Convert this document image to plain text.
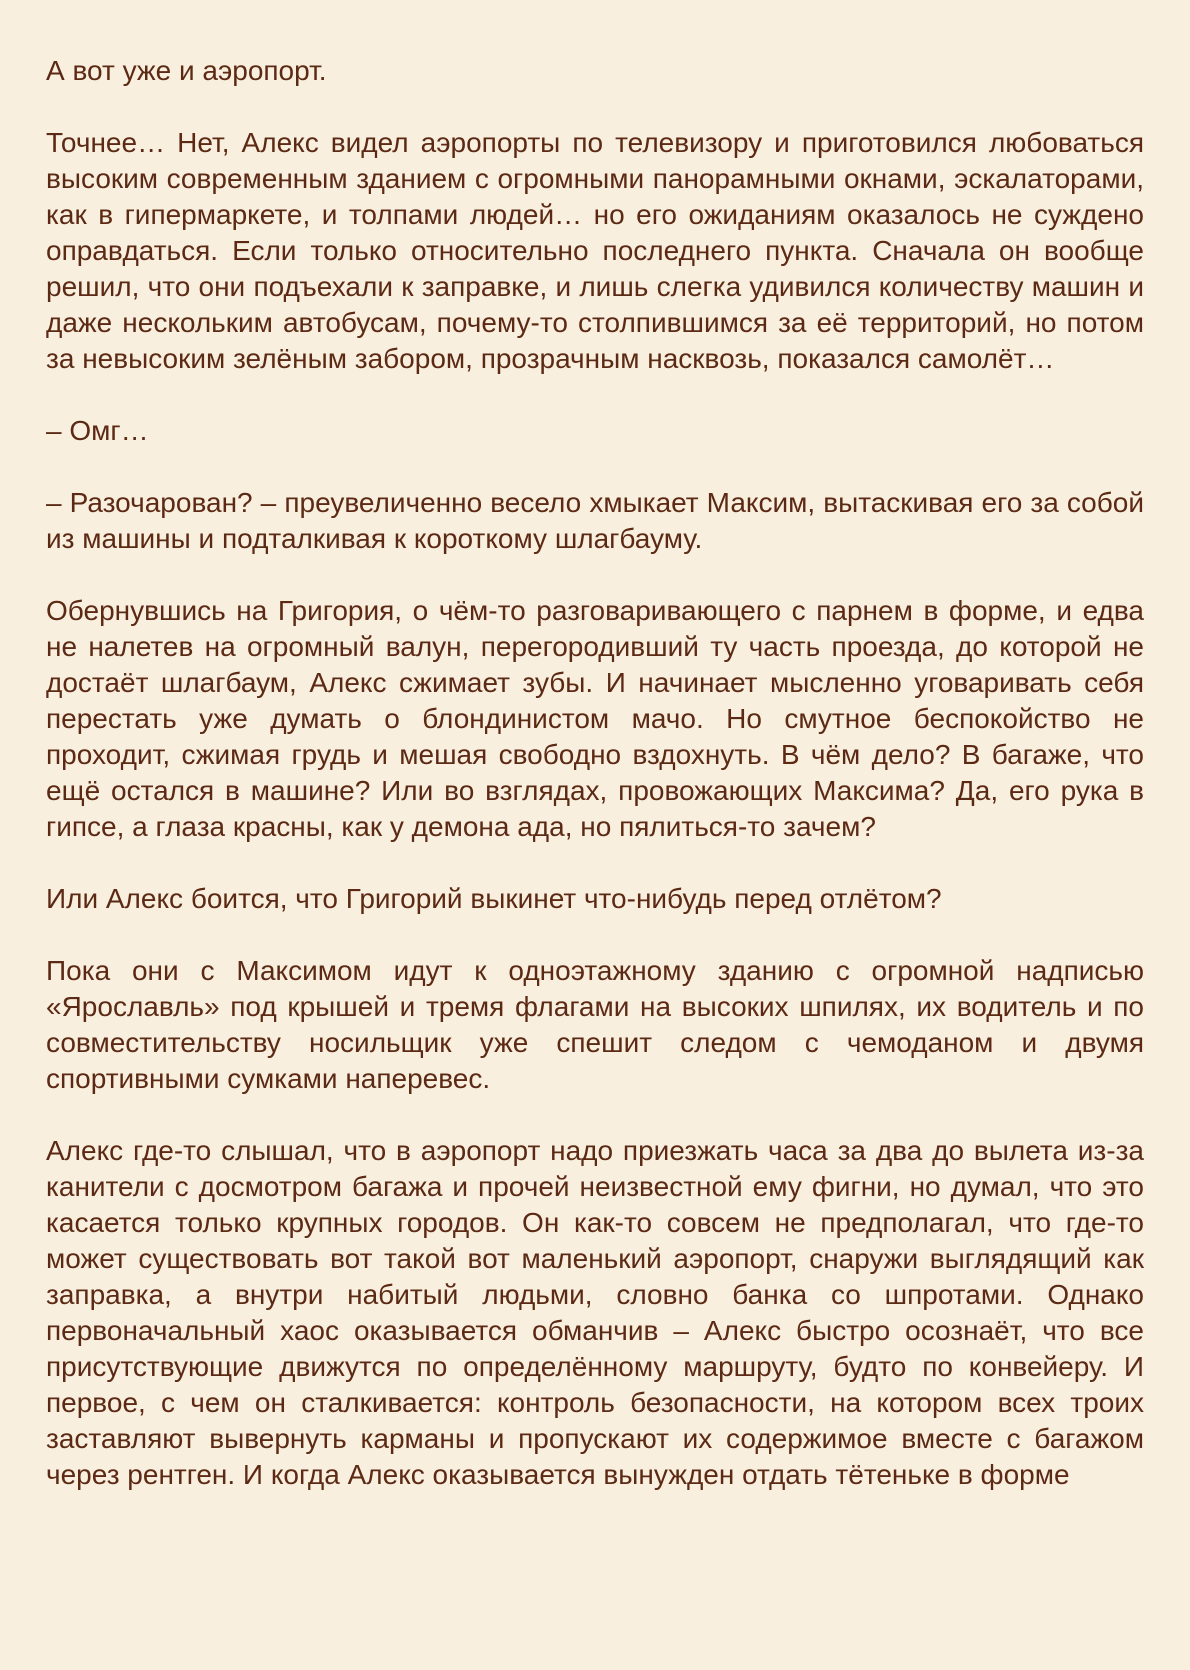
А вот уже и аэропорт.

Точнее… Нет, Алекс видел аэропорты по телевизору и приготовился любоваться высоким современным зданием с огромными панорамными окнами, эскалаторами, как в гипермаркете, и толпами людей… но его ожиданиям оказалось не суждено оправдаться. Если только относительно последнего пункта. Сначала он вообще решил, что они подъехали к заправке, и лишь слегка удивился количеству машин и даже нескольким автобусам, почему-то столпившимся за её территорий, но потом за невысоким зелёным забором, прозрачным насквозь, показался самолёт…

– Омг…

– Разочарован? – преувеличенно весело хмыкает Максим, вытаскивая его за собой из машины и подталкивая к короткому шлагбауму.

Обернувшись на Григория, о чём-то разговаривающего с парнем в форме, и едва не налетев на огромный валун, перегородивший ту часть проезда, до которой не достаёт шлагбаум, Алекс сжимает зубы. И начинает мысленно уговаривать себя перестать уже думать о блондинистом мачо. Но смутное беспокойство не проходит, сжимая грудь и мешая свободно вздохнуть. В чём дело? В багаже, что ещё остался в машине? Или во взглядах, провожающих Максима? Да, его рука в гипсе, а глаза красны, как у демона ада, но пялиться-то зачем?

Или Алекс боится, что Григорий выкинет что-нибудь перед отлётом?

Пока они с Максимом идут к одноэтажному зданию с огромной надписью «Ярославль» под крышей и тремя флагами на высоких шпилях, их водитель и по совместительству носильщик уже спешит следом с чемоданом и двумя спортивными сумками наперевес.

Алекс где-то слышал, что в аэропорт надо приезжать часа за два до вылета из-за канители с досмотром багажа и прочей неизвестной ему фигни, но думал, что это касается только крупных городов. Он как-то совсем не предполагал, что где-то может существовать вот такой вот маленький аэропорт, снаружи выглядящий как заправка, а внутри набитый людьми, словно банка со шпротами. Однако первоначальный хаос оказывается обманчив – Алекс быстро осознаёт, что все присутствующие движутся по определённому маршруту, будто по конвейеру. И первое, с чем он сталкивается: контроль безопасности, на котором всех троих заставляют вывернуть карманы и пропускают их содержимое вместе с багажом через рентген. И когда Алекс оказывается вынужден отдать тётеньке в форме
